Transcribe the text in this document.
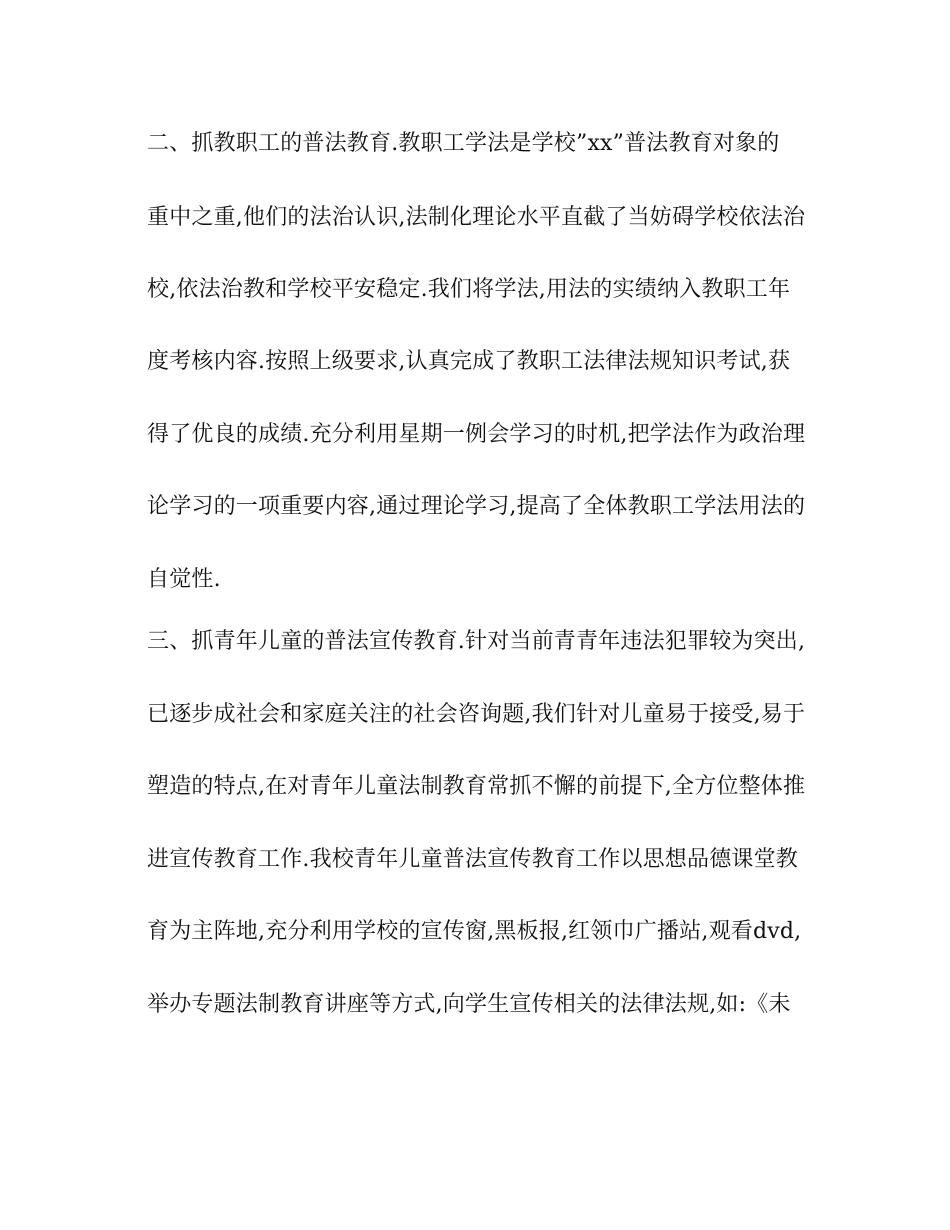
二、抓教职工的普法教育.教职工学法是学校”xx”普法教育对象的
重中之重,他们的法治认识,法制化理论水平直截了当妨碍学校依法治
校,依法治教和学校平安稳定.我们将学法,用法的实绩纳入教职工年
度考核内容.按照上级要求,认真完成了教职工法律法规知识考试,获
得了优良的成绩.充分利用星期一例会学习的时机,把学法作为政治理
论学习的一项重要内容,通过理论学习,提高了全体教职工学法用法的
自觉性.
三、抓青年儿童的普法宣传教育.针对当前青青年违法犯罪较为突出,
已逐步成社会和家庭关注的社会咨询题,我们针对儿童易于接受,易于
塑造的特点,在对青年儿童法制教育常抓不懈的前提下,全方位整体推
进宣传教育工作.我校青年儿童普法宣传教育工作以思想品德课堂教
育为主阵地,充分利用学校的宣传窗,黑板报,红领巾广播站,观看dvd,
举办专题法制教育讲座等方式,向学生宣传相关的法律法规,如:《未
